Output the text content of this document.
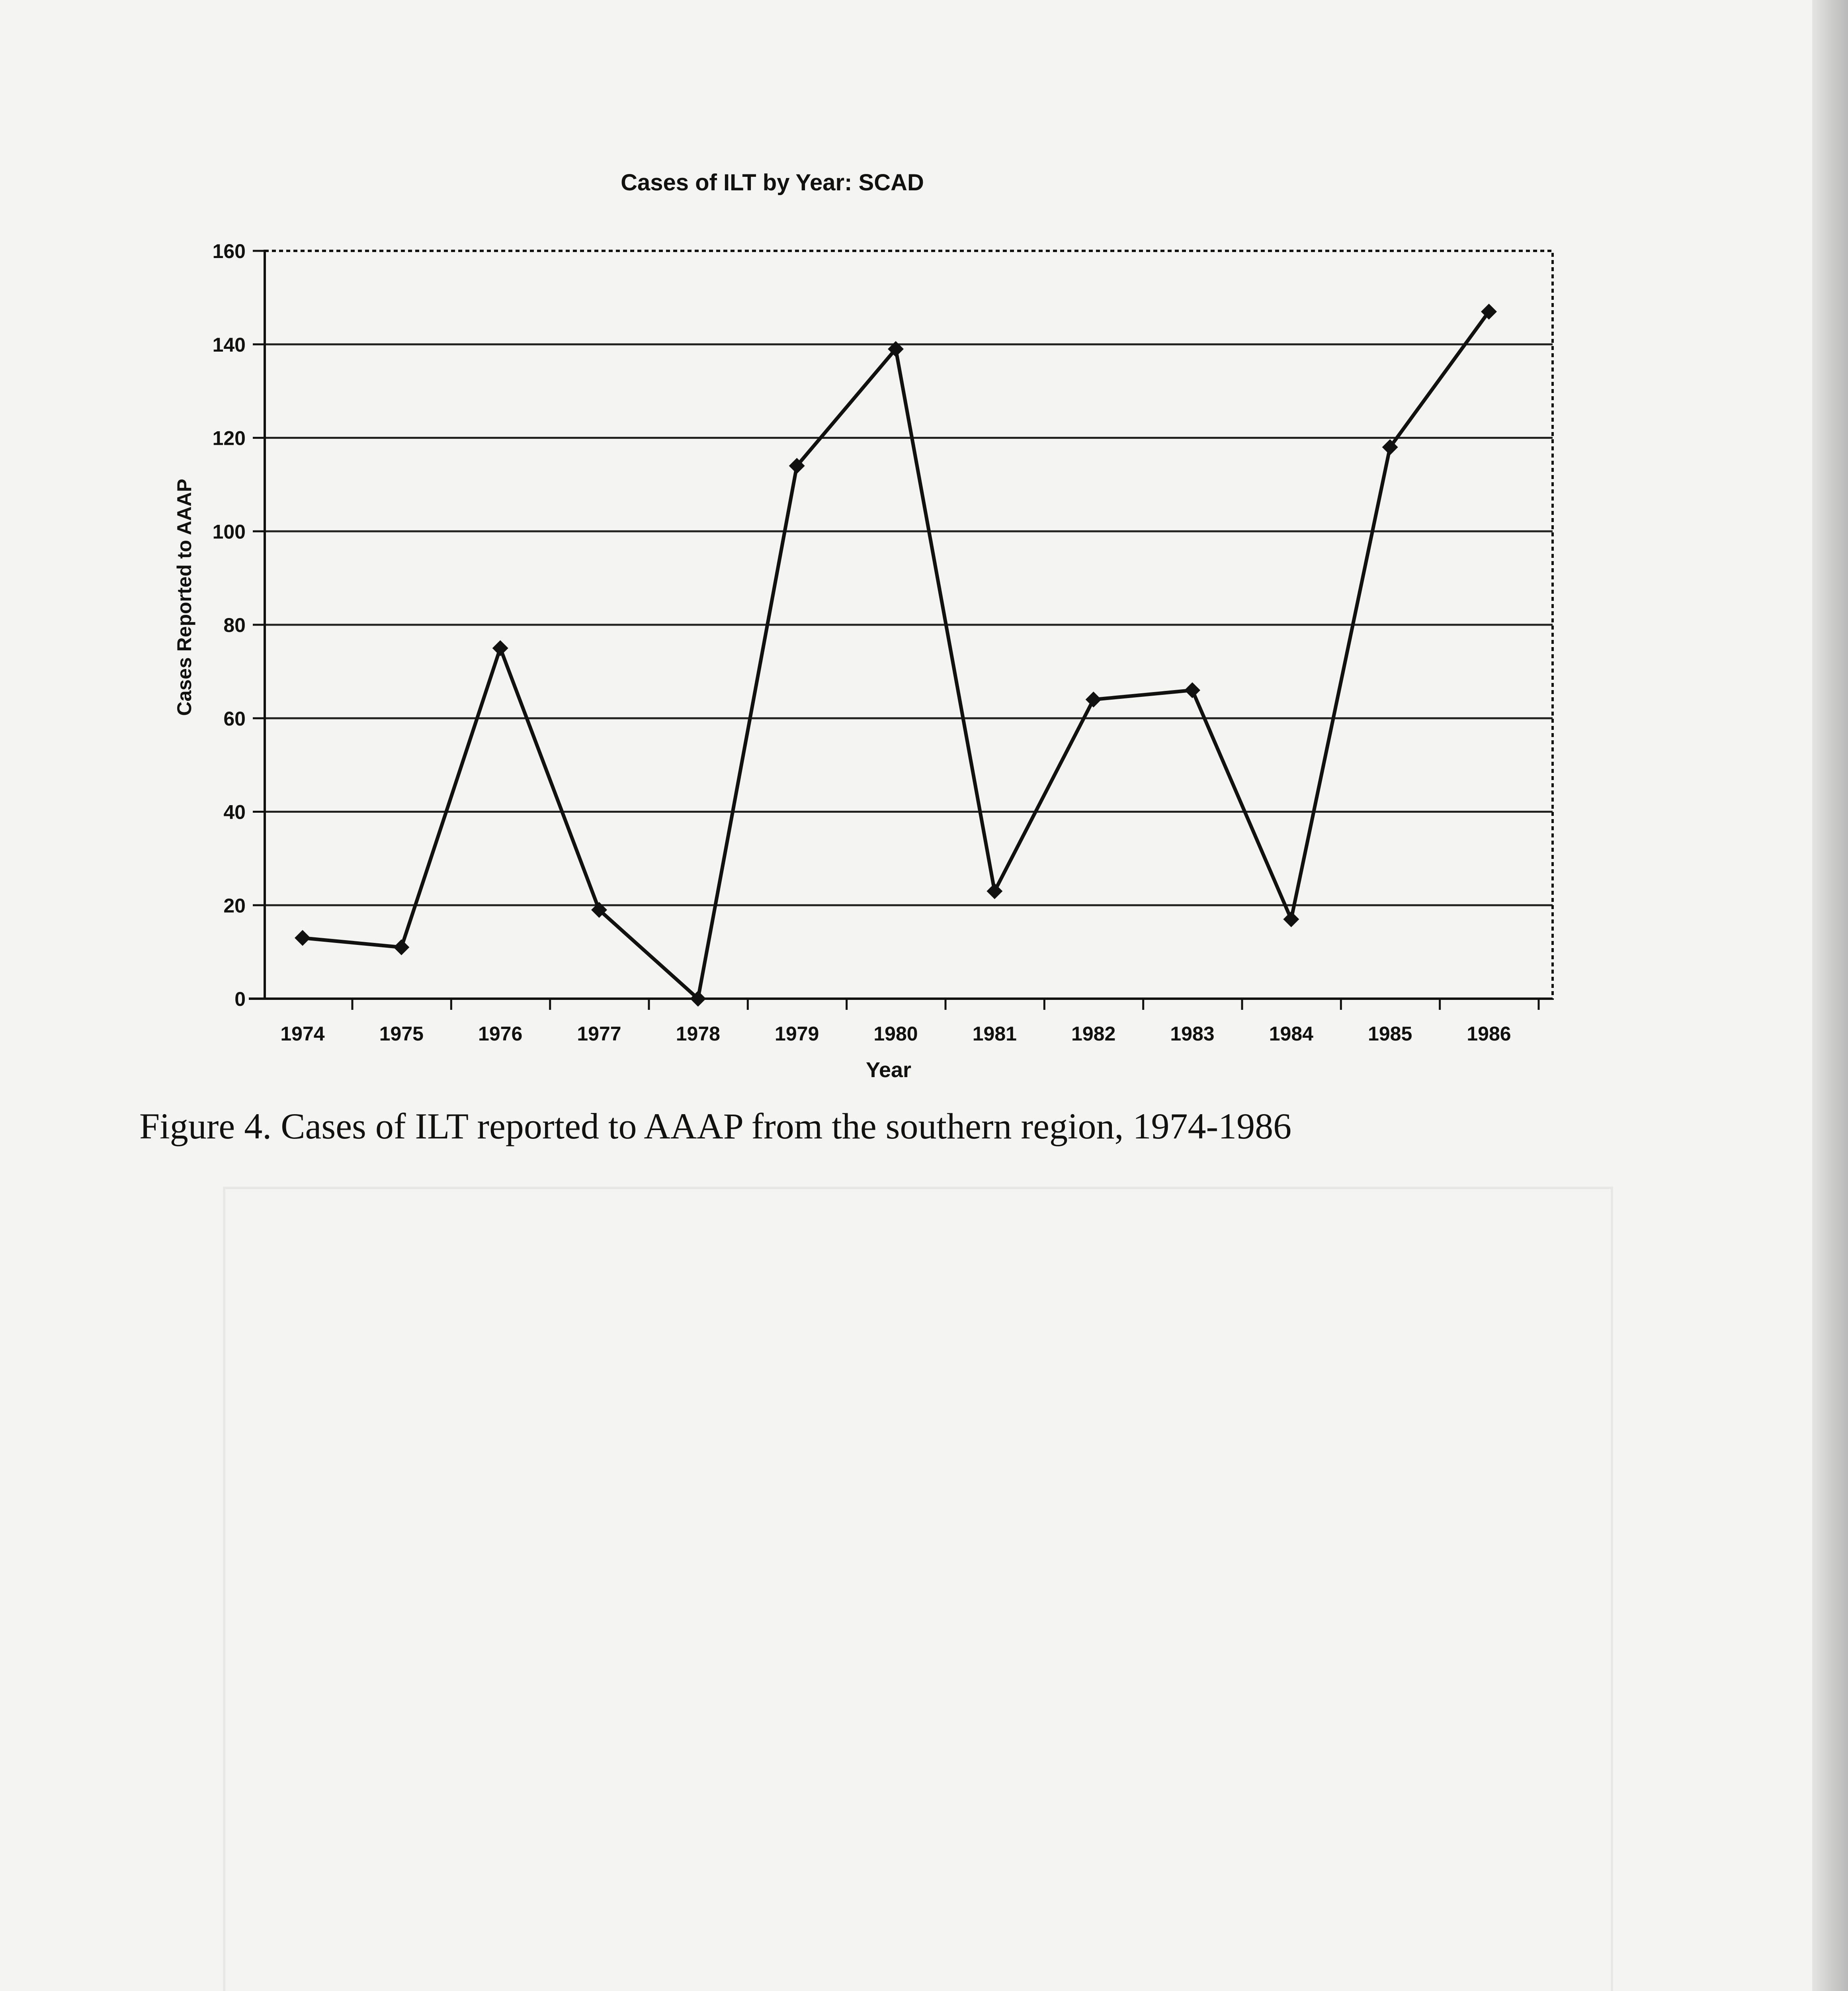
0
20
40
60
80
100
120
140
160
1974	1975	1976	1977	1978	1979	1980	1981	1982	1983	1984	1985	1986
Cases of ILT by Year: SCAD
Year
Cases Reported to AAAP
Figure 4. Cases of ILT reported to AAAP from the southern region, 1974-1986
